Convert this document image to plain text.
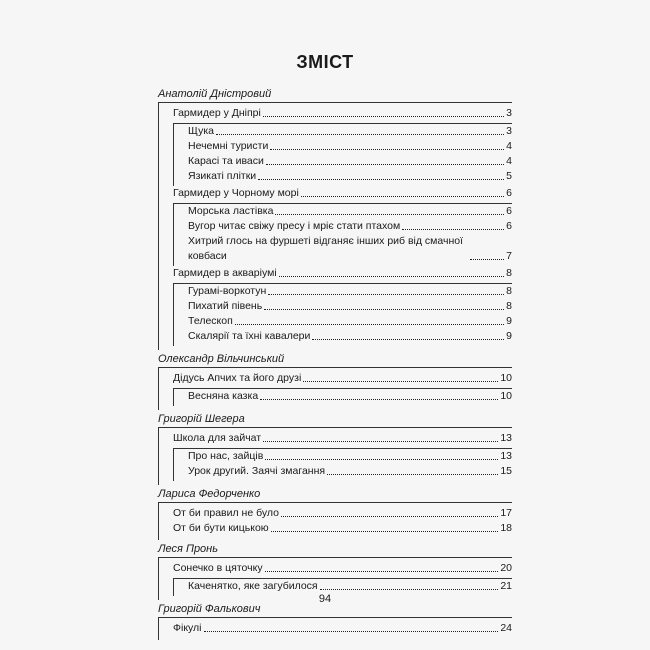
ЗМІСТ
Анатолій Дністровий
Гармидер у Дніпрі	3
Щука	3
Нечемні туристи	4
Карасі та иваси	4
Язикаті плітки	5
Гармидер у Чорному морі	6
Морська ластівка	6
Вугор читає свіжу пресу і мріє стати птахом	6
Хитрий глось на фуршеті відганяє інших риб від смачної ковбаси	7
Гармидер в акваріумі	8
Гурамі-воркотун	8
Пихатий півень	8
Телескоп	9
Скалярії та їхні кавалери	9
Олександр Вільчинський
Дідусь Апчих та його друзі	10
Весняна казка	10
Григорій Шегера
Школа для зайчат	13
Про нас, зайців	13
Урок другий. Заячі змагання	15
Лариса Федорченко
От би правил не було	17
От би бути кицькою	18
Леся Пронь
Сонечко в цяточку	20
Каченятко, яке загубилося	21
Григорій Фалькович
Фікулі	24
94
